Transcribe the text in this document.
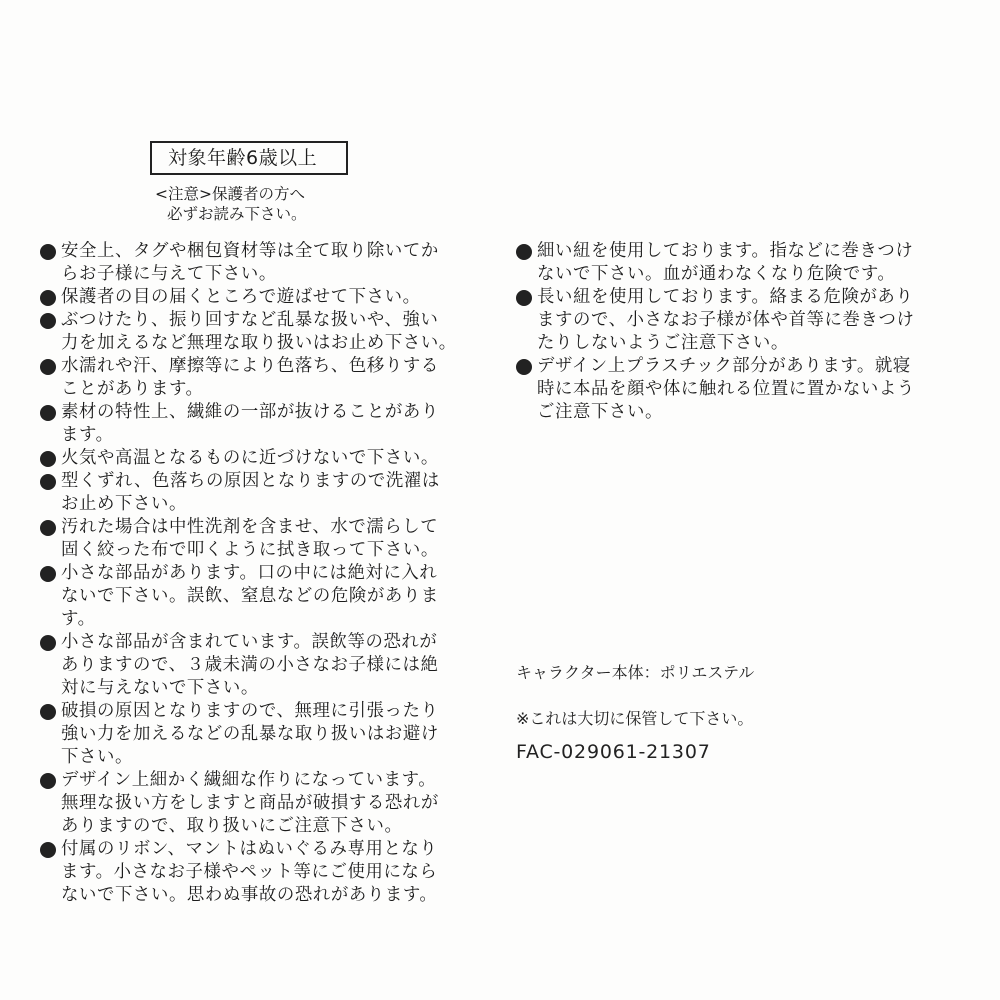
対象年齢6歳以上
<注意>保護者の方へ
必ずお読み下さい。

安全上、タグや梱包資材等は全て取り除いてか
らお子様に与えて下さい。

保護者の目の届くところで遊ばせて下さい。

ぶつけたり、振り回すなど乱暴な扱いや、強い
力を加えるなど無理な取り扱いはお止め下さい。

水濡れや汗、摩擦等により色落ち、色移りする
ことがあります。

素材の特性上、繊維の一部が抜けることがあり
ます。

火気や高温となるものに近づけないで下さい。

型くずれ、色落ちの原因となりますので洗濯は
お止め下さい。

汚れた場合は中性洗剤を含ませ、水で濡らして
固く絞った布で叩くように拭き取って下さい。

小さな部品があります。口の中には絶対に入れ
ないで下さい。誤飲、窒息などの危険がありま
す。

小さな部品が含まれています。誤飲等の恐れが
ありますので、３歳未満の小さなお子様には絶
対に与えないで下さい。

破損の原因となりますので、無理に引張ったり
強い力を加えるなどの乱暴な取り扱いはお避け
下さい。

デザイン上細かく繊細な作りになっています。
無理な扱い方をしますと商品が破損する恐れが
ありますので、取り扱いにご注意下さい。

付属のリボン、マントはぬいぐるみ専用となり
ます。小さなお子様やペット等にご使用になら
ないで下さい。思わぬ事故の恐れがあります。

細い紐を使用しております。指などに巻きつけ
ないで下さい。血が通わなくなり危険です。

長い紐を使用しております。絡まる危険があり
ますので、小さなお子様が体や首等に巻きつけ
たりしないようご注意下さい。

デザイン上プラスチック部分があります。就寝
時に本品を顔や体に触れる位置に置かないよう
ご注意下さい。

キャラクター本体：ポリエステル
※これは大切に保管して下さい。
FAC-029061-21307
